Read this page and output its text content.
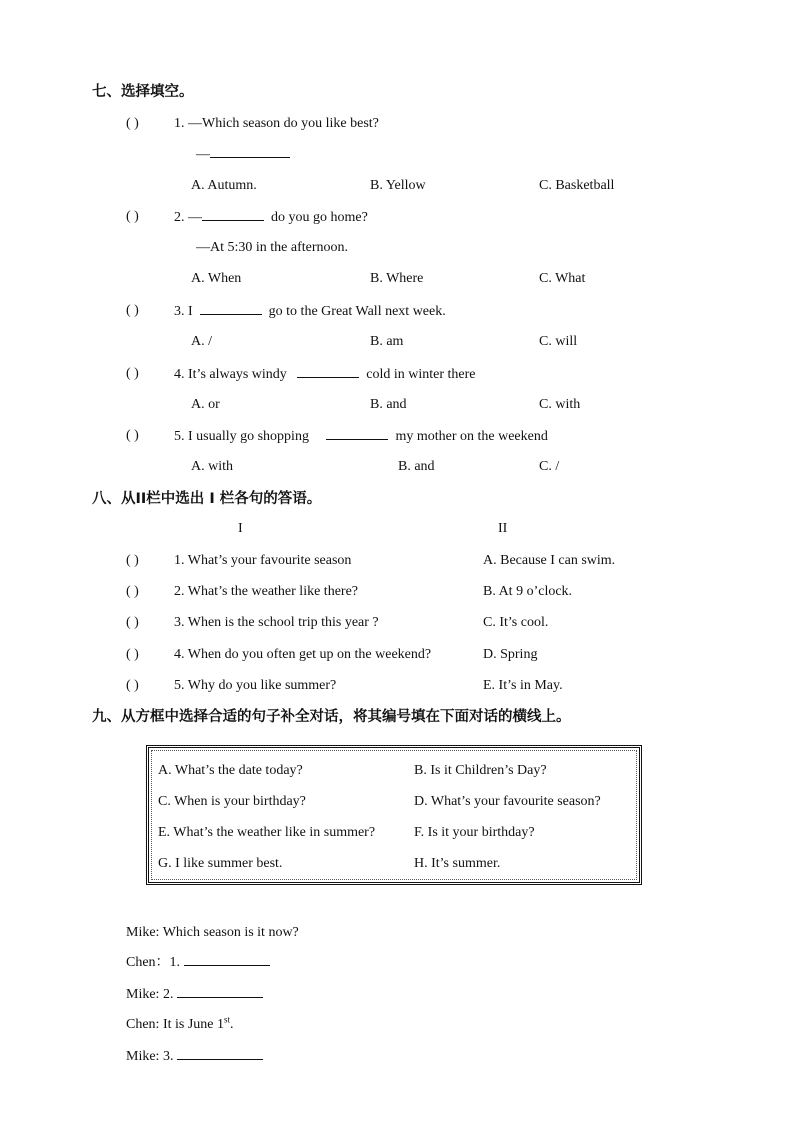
七、选择填空。
( )	1. —Which season do you like best?
—
A. Autumn.	B. Yellow	C. Basketball
( )	2. —	do you go home?
—At 5:30 in the afternoon.
A. When	B. Where	C. What
( )	3. I	go to the Great Wall next week.
A. /	B. am	C. will
( )	4. It’s always windy	cold in winter there
A. or	B. and	C. with
( )	5. I usually go shopping	my mother on the weekend
A. with	B. and	C. /
八、从II栏中选出 I 栏各句的答语。
I	II
( )	1. What’s your favourite season	A. Because I can swim.
( )	2. What’s the weather like there?	B. At 9 o’clock.
( )	3. When is the school trip this year ?	C. It’s cool.
( )	4. When do you often get up on the weekend?	D. Spring
( )	5. Why do you like summer?	E. It’s in May.
九、从方框中选择合适的句子补全对话，将其编号填在下面对话的横线上。
A. What’s the date today?	B. Is it Children’s Day?
C. When is your birthday?	D. What’s your favourite season?
E. What’s the weather like in summer?	F. Is it your birthday?
G. I like summer best.	H. It’s summer.
Mike: Which season is it now?
Chen：1.
Mike: 2.
Chen: It is June 1st.
Mike: 3.
